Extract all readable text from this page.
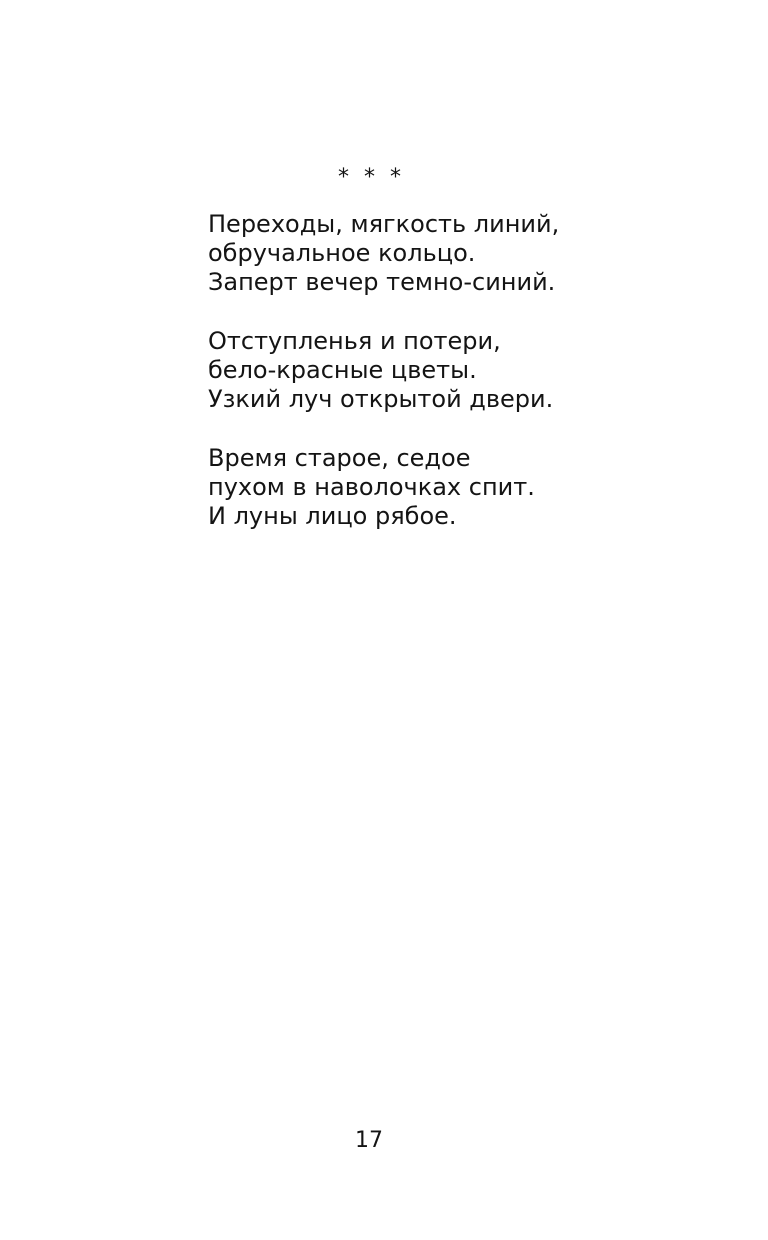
* * *
Переходы, мягкость линий,
обручальное кольцо.
Заперт вечер темно-синий.
Отступленья и потери,
бело-красные цветы.
Узкий луч открытой двери.
Время старое, седое
пухом в наволочках спит.
И луны лицо рябое.
17
